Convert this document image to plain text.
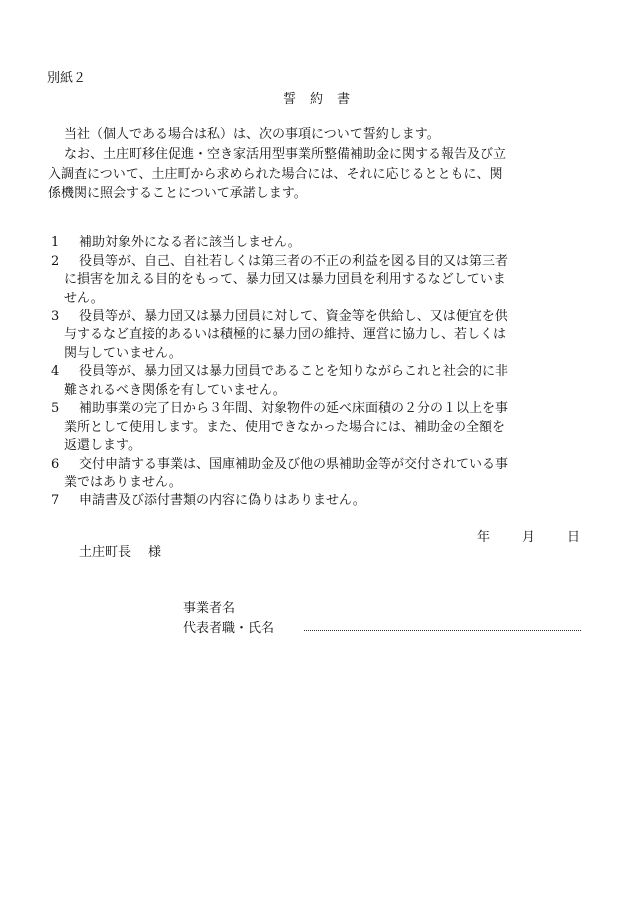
別紙２
誓約書
当社（個人である場合は私）は、次の事項について誓約します。
なお、土庄町移住促進・空き家活用型事業所整備補助金に関する報告及び立
入調査について、土庄町から求められた場合には、それに応じるとともに、関
係機関に照会することについて承諾します。
1 補助対象外になる者に該当しません。
2 役員等が、自己、自社若しくは第三者の不正の利益を図る目的又は第三者
に損害を加える目的をもって、暴力団又は暴力団員を利用するなどしていま
せん。
3 役員等が、暴力団又は暴力団員に対して、資金等を供給し、又は便宜を供
与するなど直接的あるいは積極的に暴力団の維持、運営に協力し、若しくは
関与していません。
4 役員等が、暴力団又は暴力団員であることを知りながらこれと社会的に非
難されるべき関係を有していません。
5 補助事業の完了日から３年間、対象物件の延べ床面積の２分の１以上を事
業所として使用します。また、使用できなかった場合には、補助金の全額を
返還します。
6 交付申請する事業は、国庫補助金及び他の県補助金等が交付されている事
業ではありません。
7 申請書及び添付書類の内容に偽りはありません。
年 月 日
土庄町長 様
事業者名
代表者職・氏名
